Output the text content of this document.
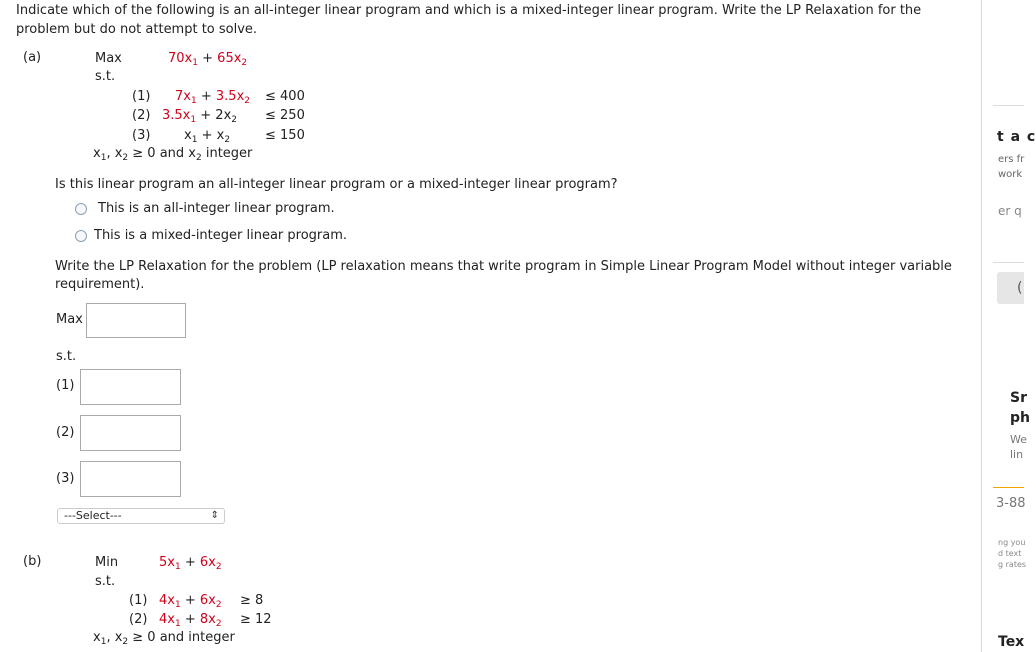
Indicate which of the following is an all-integer linear program and which is a mixed-integer linear program. Write the LP Relaxation for the problem but do not attempt to solve.
(a)	Max	$70x_1 + 65x_2$
s.t.
(1) $7x_1 + 3.5x_2 \le 400$
(2) $3.5x_1 + 2x_2 \le 250$
(3)	$x_1 + x_2$	≤ 150
$x_1$, $x_2 \ge 0$ and $x_2$ integer
Is this linear program an all-integer linear program or a mixed-integer linear program?
This is an all-integer linear program.
This is a mixed-integer linear program.
Write the LP Relaxation for the problem (LP relaxation means that write program in Simple Linear Program Model without integer variable requirement).
Max
s.t.
(1)
(2)
(3)
---Select---	⇕
(b)	Min	$5x_1 + 6x_2$
s.t.
(1) $4x_1 + 6x_2 \ge 8$
(2) $4x_1 + 8x_2 \ge 12$
$x_1$, $x_2 \ge 0$ and integer
t a c
ers fr
work
er q
(
Sr
ph
We
lin
3-88
ng you
d text
g rates
Tex
